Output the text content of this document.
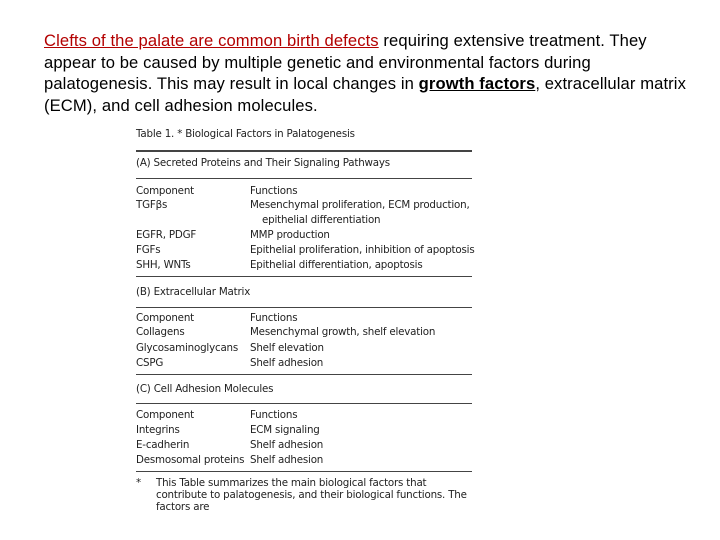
Clefts of the palate are common birth defects requiring extensive treatment. They appear to be caused by multiple genetic and environmental factors during palatogenesis. This may result in local changes in growth factors, extracellular matrix (ECM), and cell adhesion molecules.
Table 1. * Biological Factors in Palatogenesis
(A) Secreted Proteins and Their Signaling Pathways
Component	Functions
TGFβs	Mesenchymal proliferation, ECM production,
epithelial differentiation
EGFR, PDGF	MMP production
FGFs	Epithelial proliferation, inhibition of apoptosis
SHH, WNTs	Epithelial differentiation, apoptosis
(B) Extracellular Matrix
Component	Functions
Collagens	Mesenchymal growth, shelf elevation
Glycosaminoglycans Shelf elevation
CSPG	Shelf adhesion
(C) Cell Adhesion Molecules
Component	Functions
Integrins	ECM signaling
E-cadherin	Shelf adhesion
Desmosomal proteins Shelf adhesion
* This Table summarizes the main biological factors that contribute to palatogenesis, and their biological functions. The factors are
